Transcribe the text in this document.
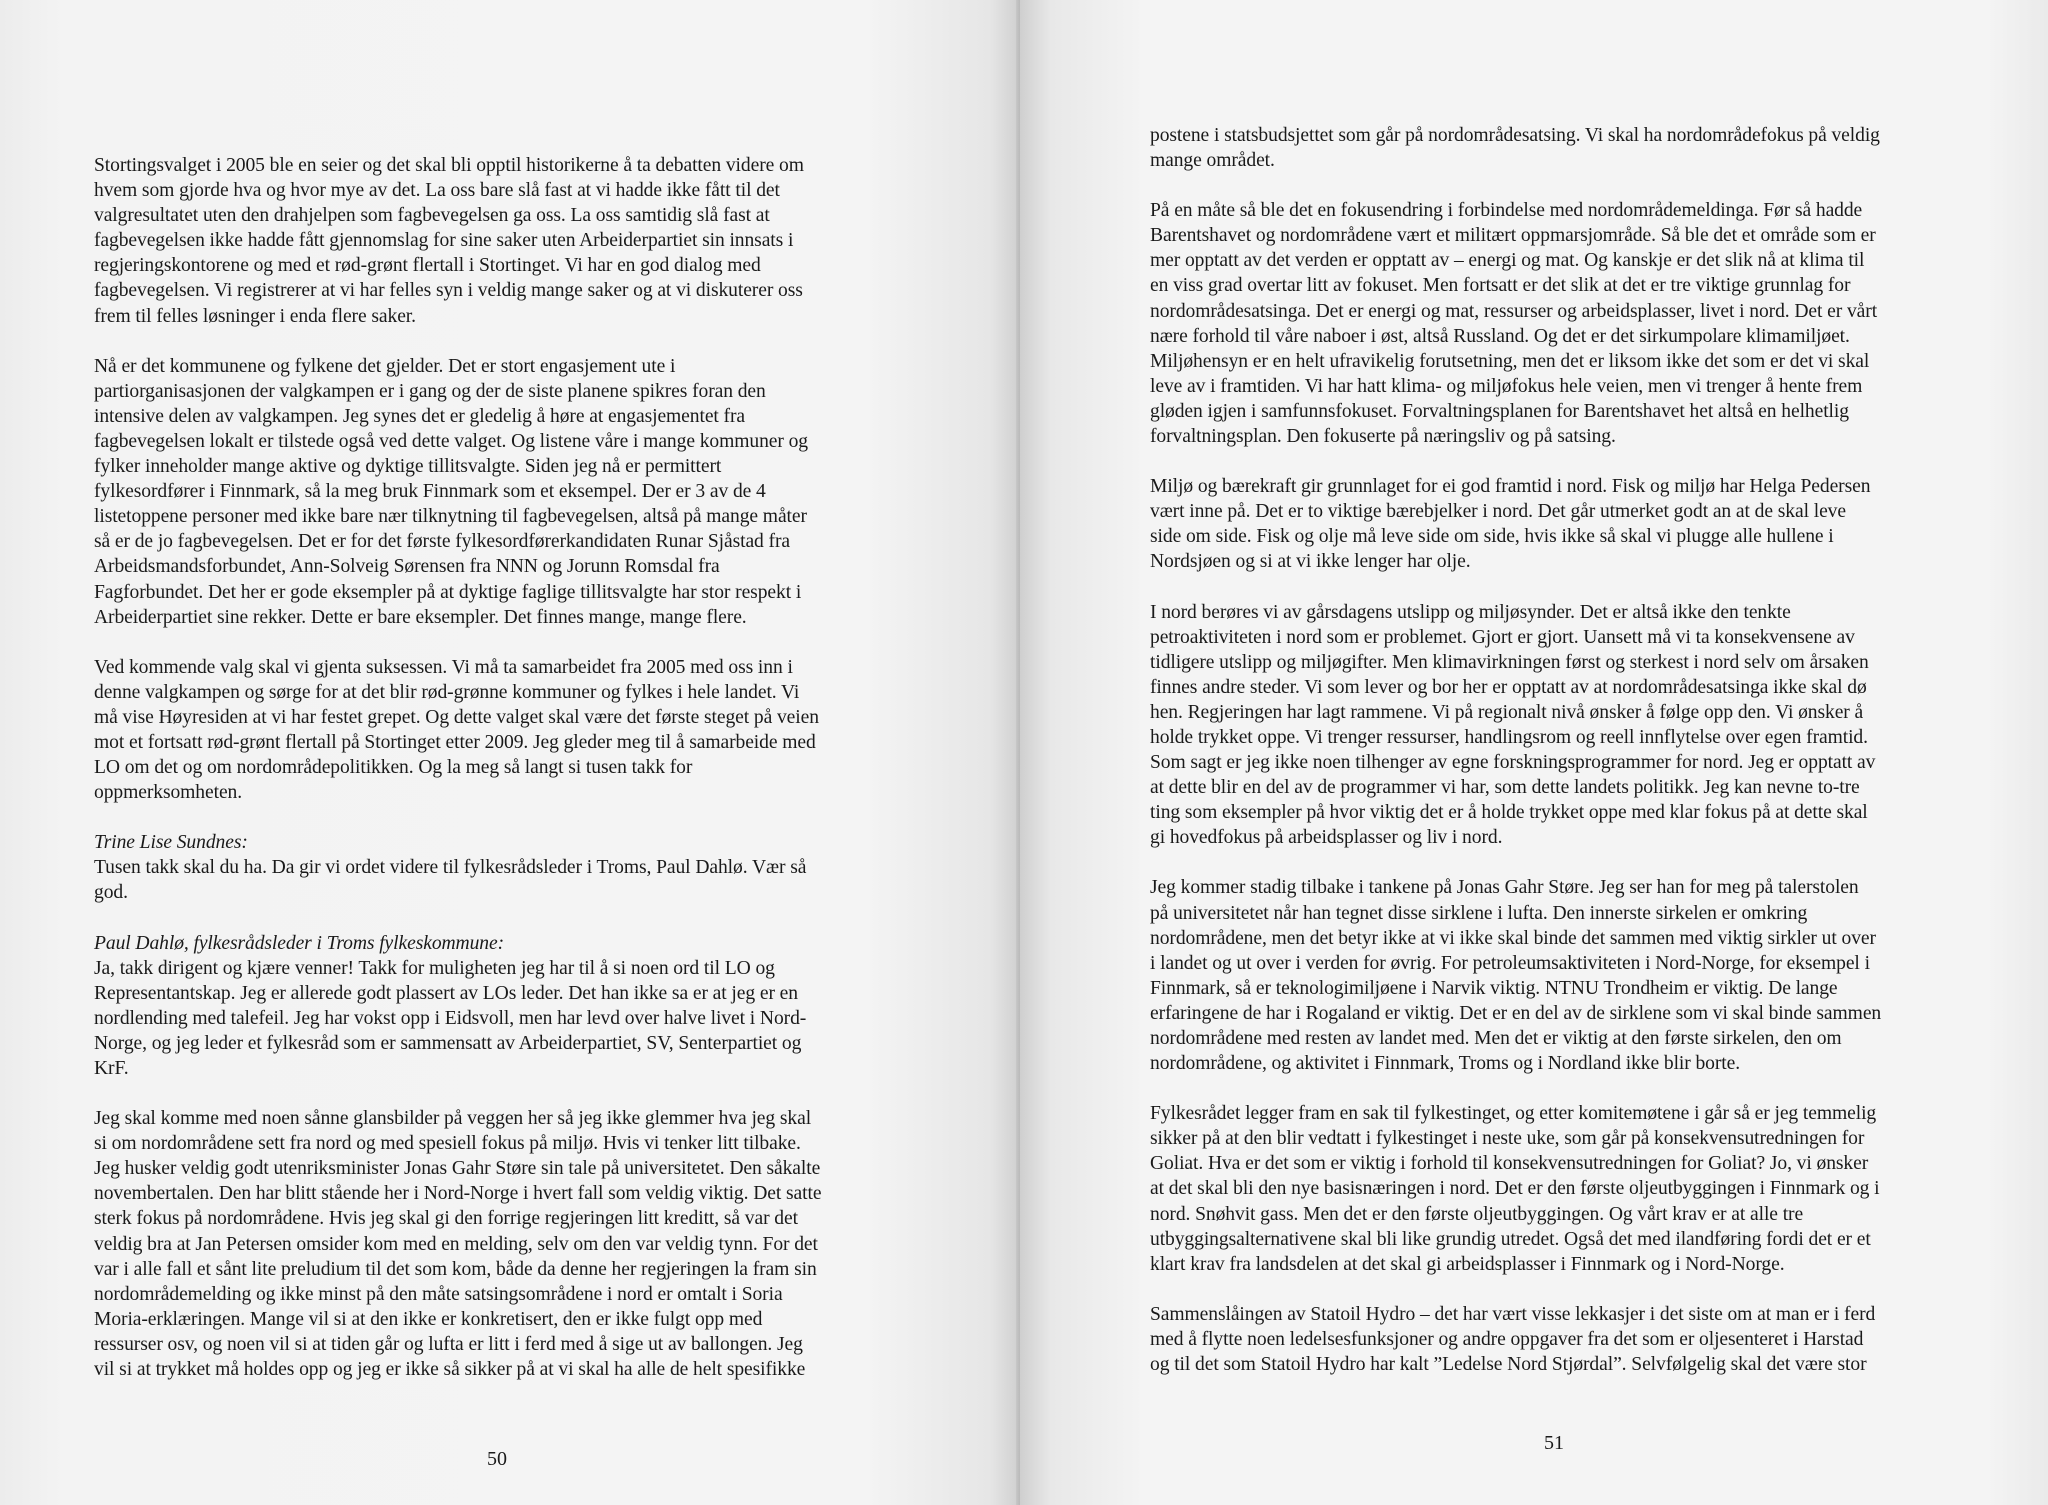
Stortingsvalget i 2005 ble en seier og det skal bli opptil historikerne å ta debatten videre om
hvem som gjorde hva og hvor mye av det. La oss bare slå fast at vi hadde ikke fått til det
valgresultatet uten den drahjelpen som fagbevegelsen ga oss. La oss samtidig slå fast at
fagbevegelsen ikke hadde fått gjennomslag for sine saker uten Arbeiderpartiet sin innsats i
regjeringskontorene og med et rød-grønt flertall i Stortinget. Vi har en god dialog med
fagbevegelsen. Vi registrerer at vi har felles syn i veldig mange saker og at vi diskuterer oss
frem til felles løsninger i enda flere saker.

Nå er det kommunene og fylkene det gjelder. Det er stort engasjement ute i
partiorganisasjonen der valgkampen er i gang og der de siste planene spikres foran den
intensive delen av valgkampen. Jeg synes det er gledelig å høre at engasjementet fra
fagbevegelsen lokalt er tilstede også ved dette valget. Og listene våre i mange kommuner og
fylker inneholder mange aktive og dyktige tillitsvalgte. Siden jeg nå er permittert
fylkesordfører i Finnmark, så la meg bruk Finnmark som et eksempel. Der er 3 av de 4
listetoppene personer med ikke bare nær tilknytning til fagbevegelsen, altså på mange måter
så er de jo fagbevegelsen. Det er for det første fylkesordførerkandidaten Runar Sjåstad fra
Arbeidsmandsforbundet, Ann-Solveig Sørensen fra NNN og Jorunn Romsdal fra
Fagforbundet. Det her er gode eksempler på at dyktige faglige tillitsvalgte har stor respekt i
Arbeiderpartiet sine rekker. Dette er bare eksempler. Det finnes mange, mange flere.

Ved kommende valg skal vi gjenta suksessen. Vi må ta samarbeidet fra 2005 med oss inn i
denne valgkampen og sørge for at det blir rød-grønne kommuner og fylkes i hele landet. Vi
må vise Høyresiden at vi har festet grepet. Og dette valget skal være det første steget på veien
mot et fortsatt rød-grønt flertall på Stortinget etter 2009. Jeg gleder meg til å samarbeide med
LO om det og om nordområdepolitikken. Og la meg så langt si tusen takk for
oppmerksomheten.

Trine Lise Sundnes:

Tusen takk skal du ha. Da gir vi ordet videre til fylkesrådsleder i Troms, Paul Dahlø. Vær så
god.

Paul Dahlø, fylkesrådsleder i Troms fylkeskommune:

Ja, takk dirigent og kjære venner! Takk for muligheten jeg har til å si noen ord til LO og
Representantskap. Jeg er allerede godt plassert av LOs leder. Det han ikke sa er at jeg er en
nordlending med talefeil. Jeg har vokst opp i Eidsvoll, men har levd over halve livet i Nord-
Norge, og jeg leder et fylkesråd som er sammensatt av Arbeiderpartiet, SV, Senterpartiet og
KrF.

Jeg skal komme med noen sånne glansbilder på veggen her så jeg ikke glemmer hva jeg skal
si om nordområdene sett fra nord og med spesiell fokus på miljø. Hvis vi tenker litt tilbake.
Jeg husker veldig godt utenriksminister Jonas Gahr Støre sin tale på universitetet. Den såkalte
novembertalen. Den har blitt stående her i Nord-Norge i hvert fall som veldig viktig. Det satte
sterk fokus på nordområdene. Hvis jeg skal gi den forrige regjeringen litt kreditt, så var det
veldig bra at Jan Petersen omsider kom med en melding, selv om den var veldig tynn. For det
var i alle fall et sånt lite preludium til det som kom, både da denne her regjeringen la fram sin
nordområdemelding og ikke minst på den måte satsingsområdene i nord er omtalt i Soria
Moria-erklæringen. Mange vil si at den ikke er konkretisert, den er ikke fulgt opp med
ressurser osv, og noen vil si at tiden går og lufta er litt i ferd med å sige ut av ballongen. Jeg
vil si at trykket må holdes opp og jeg er ikke så sikker på at vi skal ha alle de helt spesifikke

50

postene i statsbudsjettet som går på nordområdesatsing. Vi skal ha nordområdefokus på veldig
mange området.

På en måte så ble det en fokusendring i forbindelse med nordområdemeldinga. Før så hadde
Barentshavet og nordområdene vært et militært oppmarsjområde. Så ble det et område som er
mer opptatt av det verden er opptatt av – energi og mat. Og kanskje er det slik nå at klima til
en viss grad overtar litt av fokuset. Men fortsatt er det slik at det er tre viktige grunnlag for
nordområdesatsinga. Det er energi og mat, ressurser og arbeidsplasser, livet i nord. Det er vårt
nære forhold til våre naboer i øst, altså Russland. Og det er det sirkumpolare klimamiljøet.
Miljøhensyn er en helt ufravikelig forutsetning, men det er liksom ikke det som er det vi skal
leve av i framtiden. Vi har hatt klima- og miljøfokus hele veien, men vi trenger å hente frem
gløden igjen i samfunnsfokuset. Forvaltningsplanen for Barentshavet het altså en helhetlig
forvaltningsplan. Den fokuserte på næringsliv og på satsing.

Miljø og bærekraft gir grunnlaget for ei god framtid i nord. Fisk og miljø har Helga Pedersen
vært inne på. Det er to viktige bærebjelker i nord. Det går utmerket godt an at de skal leve
side om side. Fisk og olje må leve side om side, hvis ikke så skal vi plugge alle hullene i
Nordsjøen og si at vi ikke lenger har olje.

I nord berøres vi av gårsdagens utslipp og miljøsynder. Det er altså ikke den tenkte
petroaktiviteten i nord som er problemet. Gjort er gjort. Uansett må vi ta konsekvensene av
tidligere utslipp og miljøgifter. Men klimavirkningen først og sterkest i nord selv om årsaken
finnes andre steder. Vi som lever og bor her er opptatt av at nordområdesatsinga ikke skal dø
hen. Regjeringen har lagt rammene. Vi på regionalt nivå ønsker å følge opp den. Vi ønsker å
holde trykket oppe. Vi trenger ressurser, handlingsrom og reell innflytelse over egen framtid.
Som sagt er jeg ikke noen tilhenger av egne forskningsprogrammer for nord. Jeg er opptatt av
at dette blir en del av de programmer vi har, som dette landets politikk. Jeg kan nevne to-tre
ting som eksempler på hvor viktig det er å holde trykket oppe med klar fokus på at dette skal
gi hovedfokus på arbeidsplasser og liv i nord.

Jeg kommer stadig tilbake i tankene på Jonas Gahr Støre. Jeg ser han for meg på talerstolen
på universitetet når han tegnet disse sirklene i lufta. Den innerste sirkelen er omkring
nordområdene, men det betyr ikke at vi ikke skal binde det sammen med viktig sirkler ut over
i landet og ut over i verden for øvrig. For petroleumsaktiviteten i Nord-Norge, for eksempel i
Finnmark, så er teknologimiljøene i Narvik viktig. NTNU Trondheim er viktig. De lange
erfaringene de har i Rogaland er viktig. Det er en del av de sirklene som vi skal binde sammen
nordområdene med resten av landet med. Men det er viktig at den første sirkelen, den om
nordområdene, og aktivitet i Finnmark, Troms og i Nordland ikke blir borte.

Fylkesrådet legger fram en sak til fylkestinget, og etter komitemøtene i går så er jeg temmelig
sikker på at den blir vedtatt i fylkestinget i neste uke, som går på konsekvensutredningen for
Goliat. Hva er det som er viktig i forhold til konsekvensutredningen for Goliat? Jo, vi ønsker
at det skal bli den nye basisnæringen i nord. Det er den første oljeutbyggingen i Finnmark og i
nord. Snøhvit gass. Men det er den første oljeutbyggingen. Og vårt krav er at alle tre
utbyggingsalternativene skal bli like grundig utredet. Også det med ilandføring fordi det er et
klart krav fra landsdelen at det skal gi arbeidsplasser i Finnmark og i Nord-Norge.

Sammenslåingen av Statoil Hydro – det har vært visse lekkasjer i det siste om at man er i ferd
med å flytte noen ledelsesfunksjoner og andre oppgaver fra det som er oljesenteret i Harstad
og til det som Statoil Hydro har kalt ”Ledelse Nord Stjørdal”. Selvfølgelig skal det være stor

51
